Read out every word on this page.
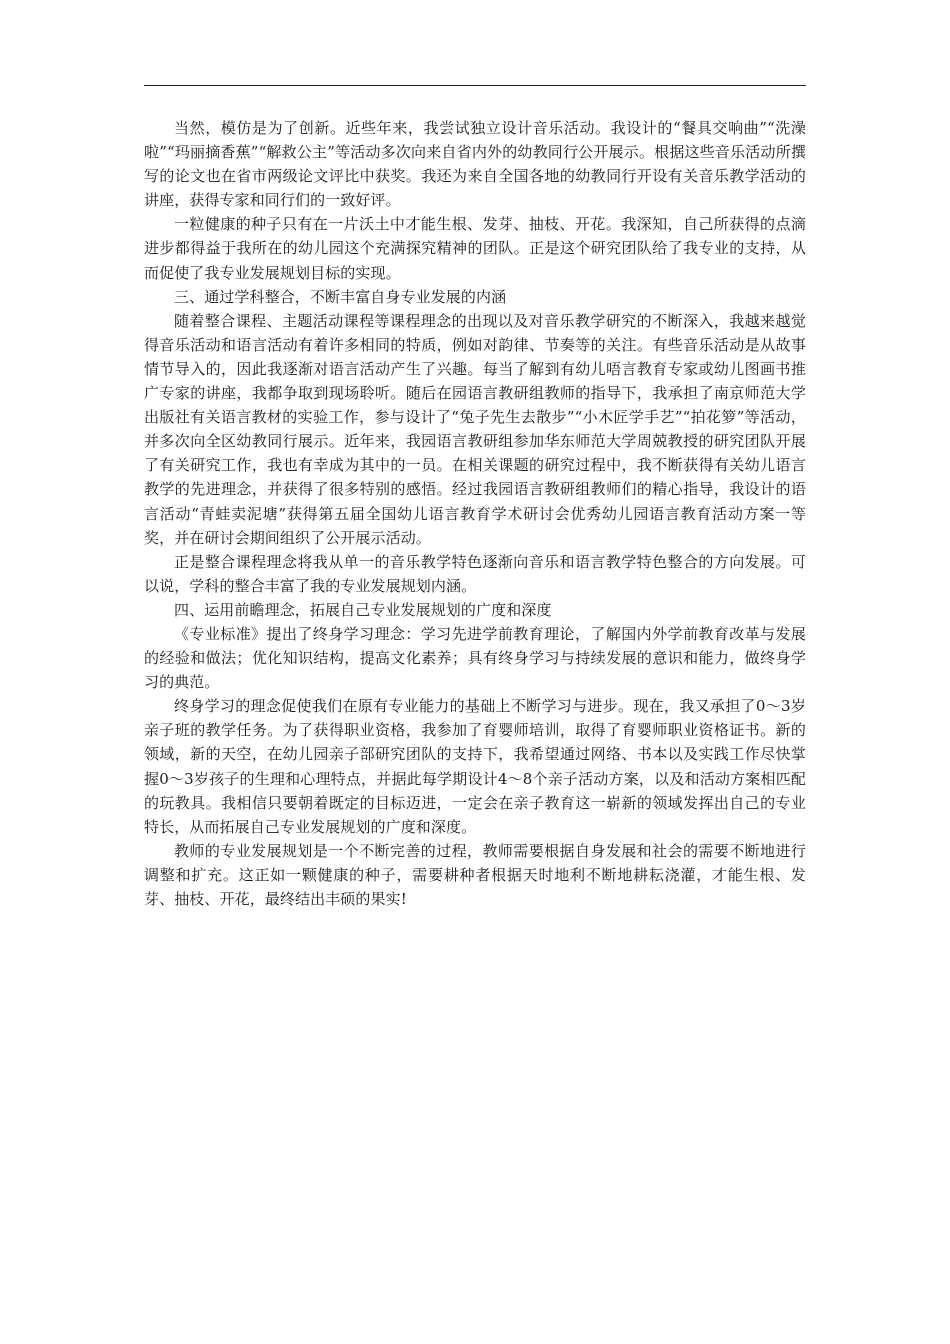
当然，模仿是为了创新。近些年来，我尝试独立设计音乐活动。我设计的“餐具交响曲”“洗澡啦”“玛丽摘香蕉”“解救公主”等活动多次向来自省内外的幼教同行公开展示。根据这些音乐活动所撰写的论文也在省市两级论文评比中获奖。我还为来自全国各地的幼教同行开设有关音乐教学活动的讲座，获得专家和同行们的一致好评。

一粒健康的种子只有在一片沃土中才能生根、发芽、抽枝、开花。我深知，自己所获得的点滴进步都得益于我所在的幼儿园这个充满探究精神的团队。正是这个研究团队给了我专业的支持，从而促使了我专业发展规划目标的实现。

三、通过学科整合，不断丰富自身专业发展的内涵

随着整合课程、主题活动课程等课程理念的出现以及对音乐教学研究的不断深入，我越来越觉得音乐活动和语言活动有着许多相同的特质，例如对韵律、节奏等的关注。有些音乐活动是从故事情节导入的，因此我逐渐对语言活动产生了兴趣。每当了解到有幼儿唔言教育专家或幼儿图画书推广专家的讲座，我都争取到现场聆听。随后在园语言教研组教师的指导下，我承担了南京师范大学出版社有关语言教材的实验工作，参与设计了“兔子先生去散步”“小木匠学手艺”“拍花箩”等活动，并多次向全区幼教同行展示。近年来，我园语言教研组参加华东师范大学周兢教授的研究团队开展了有关研究工作，我也有幸成为其中的一员。在相关课题的研究过程中，我不断获得有关幼儿语言教学的先进理念，并获得了很多特别的感悟。经过我园语言教研组教师们的精心指导，我设计的语言活动“青蛙卖泥塘”获得第五届全国幼儿语言教育学术研讨会优秀幼儿园语言教育活动方案一等奖，并在研讨会期间组织了公开展示活动。

正是整合课程理念将我从单一的音乐教学特色逐渐向音乐和语言教学特色整合的方向发展。可以说，学科的整合丰富了我的专业发展规划内涵。

四、运用前瞻理念，拓展自己专业发展规划的广度和深度

《专业标准》提出了终身学习理念：学习先进学前教育理论，了解国内外学前教育改革与发展的经验和做法；优化知识结构，提高文化素养；具有终身学习与持续发展的意识和能力，做终身学习的典范。

终身学习的理念促使我们在原有专业能力的基础上不断学习与进步。现在，我又承担了0～3岁亲子班的教学任务。为了获得职业资格，我参加了育婴师培训，取得了育婴师职业资格证书。新的领域，新的天空，在幼儿园亲子部研究团队的支持下，我希望通过网络、书本以及实践工作尽快掌握0～3岁孩子的生理和心理特点，并据此每学期设计4～8个亲子活动方案，以及和活动方案相匹配的玩教具。我相信只要朝着既定的目标迈进，一定会在亲子教育这一崭新的领域发挥出自己的专业特长，从而拓展自己专业发展规划的广度和深度。

教师的专业发展规划是一个不断完善的过程，教师需要根据自身发展和社会的需要不断地进行调整和扩充。这正如一颗健康的种子，需要耕种者根据天时地利不断地耕耘浇灌，才能生根、发芽、抽枝、开花，最终结出丰硕的果实!
